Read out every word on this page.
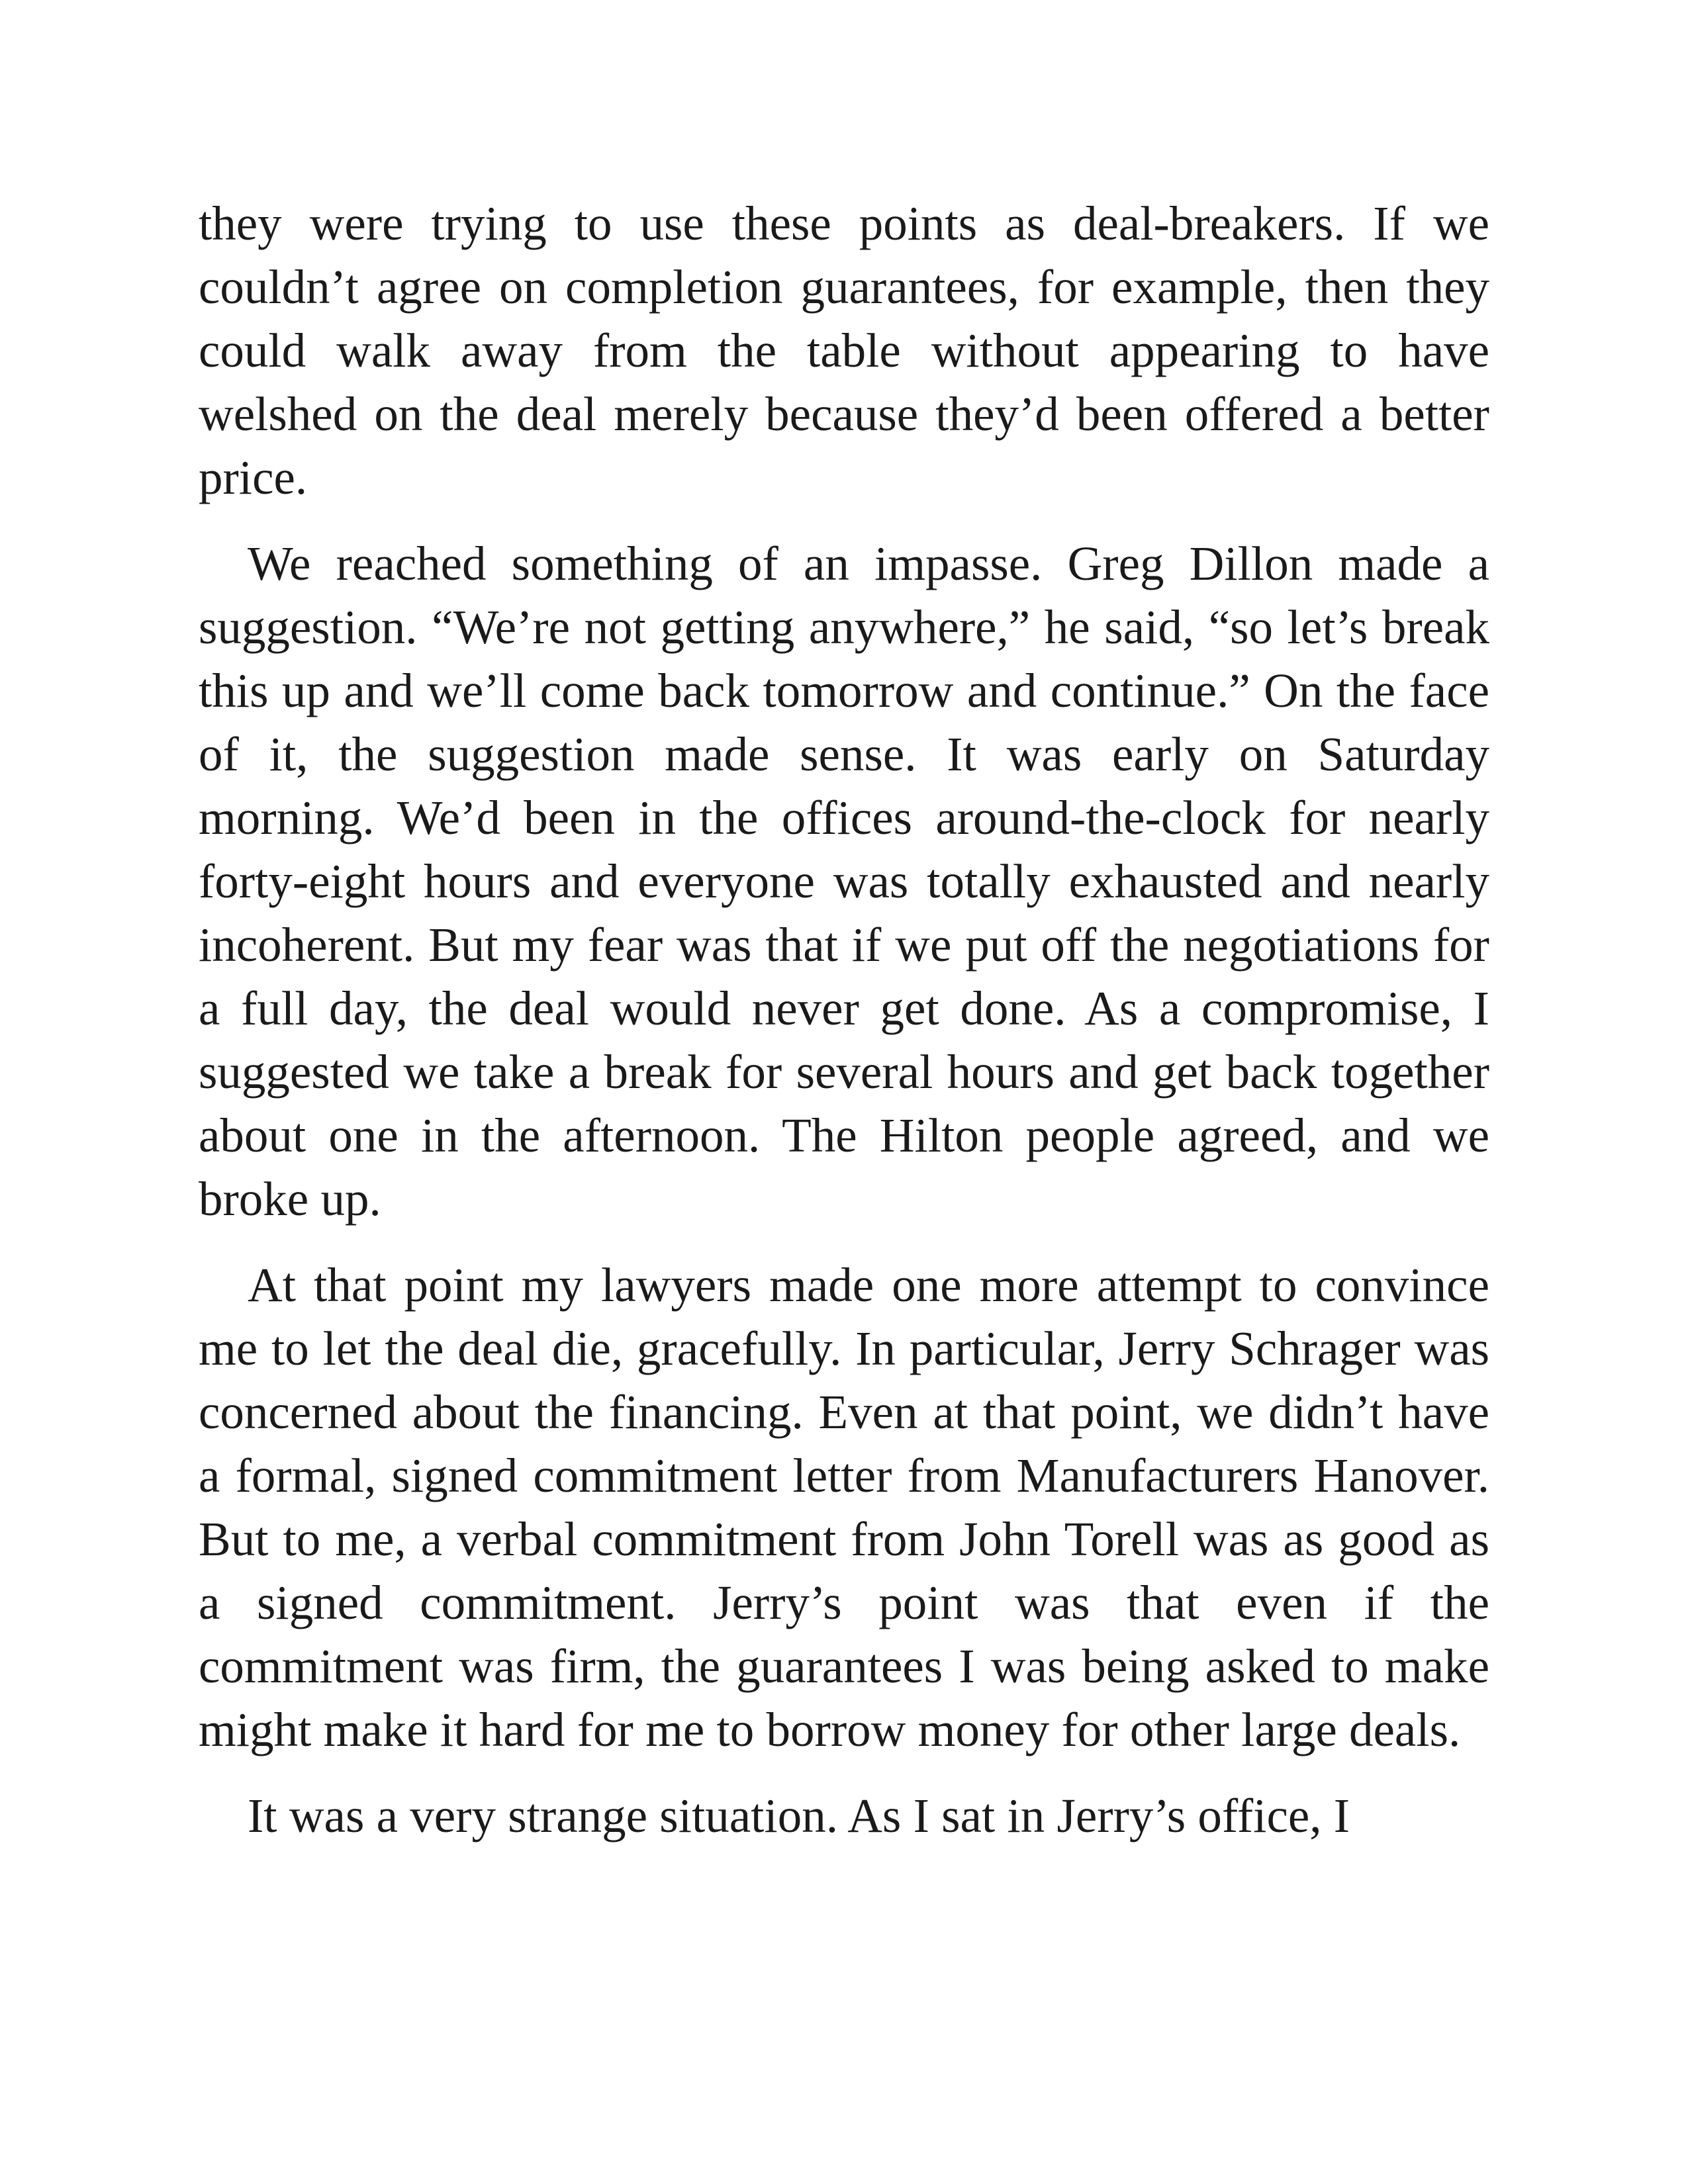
they were trying to use these points as deal-breakers. If we couldn’t agree on completion guarantees, for example, then they could walk away from the table without appearing to have welshed on the deal merely because they’d been offered a better price.

We reached something of an impasse. Greg Dillon made a suggestion. “We’re not getting anywhere,” he said, “so let’s break this up and we’ll come back tomorrow and continue.” On the face of it, the suggestion made sense. It was early on Saturday morning. We’d been in the offices around-the-clock for nearly forty-eight hours and everyone was totally exhausted and nearly incoherent. But my fear was that if we put off the negotiations for a full day, the deal would never get done. As a compromise, I suggested we take a break for several hours and get back together about one in the afternoon. The Hilton people agreed, and we broke up.

At that point my lawyers made one more attempt to convince me to let the deal die, gracefully. In particular, Jerry Schrager was concerned about the financing. Even at that point, we didn’t have a formal, signed commitment letter from Manufacturers Hanover. But to me, a verbal commitment from John Torell was as good as a signed commitment. Jerry’s point was that even if the commitment was firm, the guarantees I was being asked to make might make it hard for me to borrow money for other large deals.

It was a very strange situation. As I sat in Jerry’s office, I
